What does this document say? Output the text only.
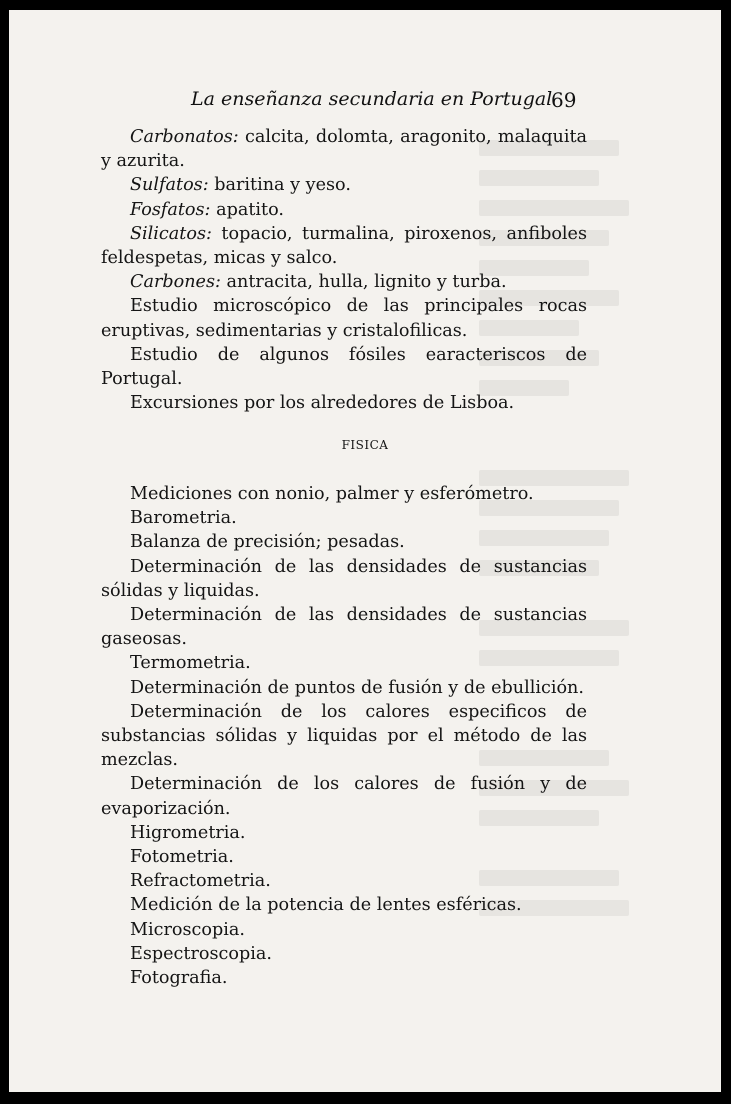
La enseñanza secundaria en Portugal
69

Carbonatos: calcita, dolomta, aragonito, malaquita y azurita.

Sulfatos: baritina y yeso.

Fosfatos: apatito.

Silicatos: topacio, turmalina, piroxenos, anfiboles feldespetas, micas y salco.

Carbones: antracita, hulla, lignito y turba.

Estudio microscópico de las principales rocas eruptivas, sedimentarias y cristalofilicas.

Estudio de algunos fósiles earacteriscos de Portugal.

Excursiones por los alrededores de Lisboa.

FISICA

Mediciones con nonio, palmer y esferómetro.

Barometria.

Balanza de precisión; pesadas.

Determinación de las densidades de sustancias sólidas y liquidas.

Determinación de las densidades de sustancias gaseosas.

Termometria.

Determinación de puntos de fusión y de ebullición.

Determinación de los calores especificos de substancias sólidas y liquidas por el método de las mezclas.

Determinación de los calores de fusión y de evaporización.

Higrometria.

Fotometria.

Refractometria.

Medición de la potencia de lentes esféricas.

Microscopia.

Espectroscopia.

Fotografia.
